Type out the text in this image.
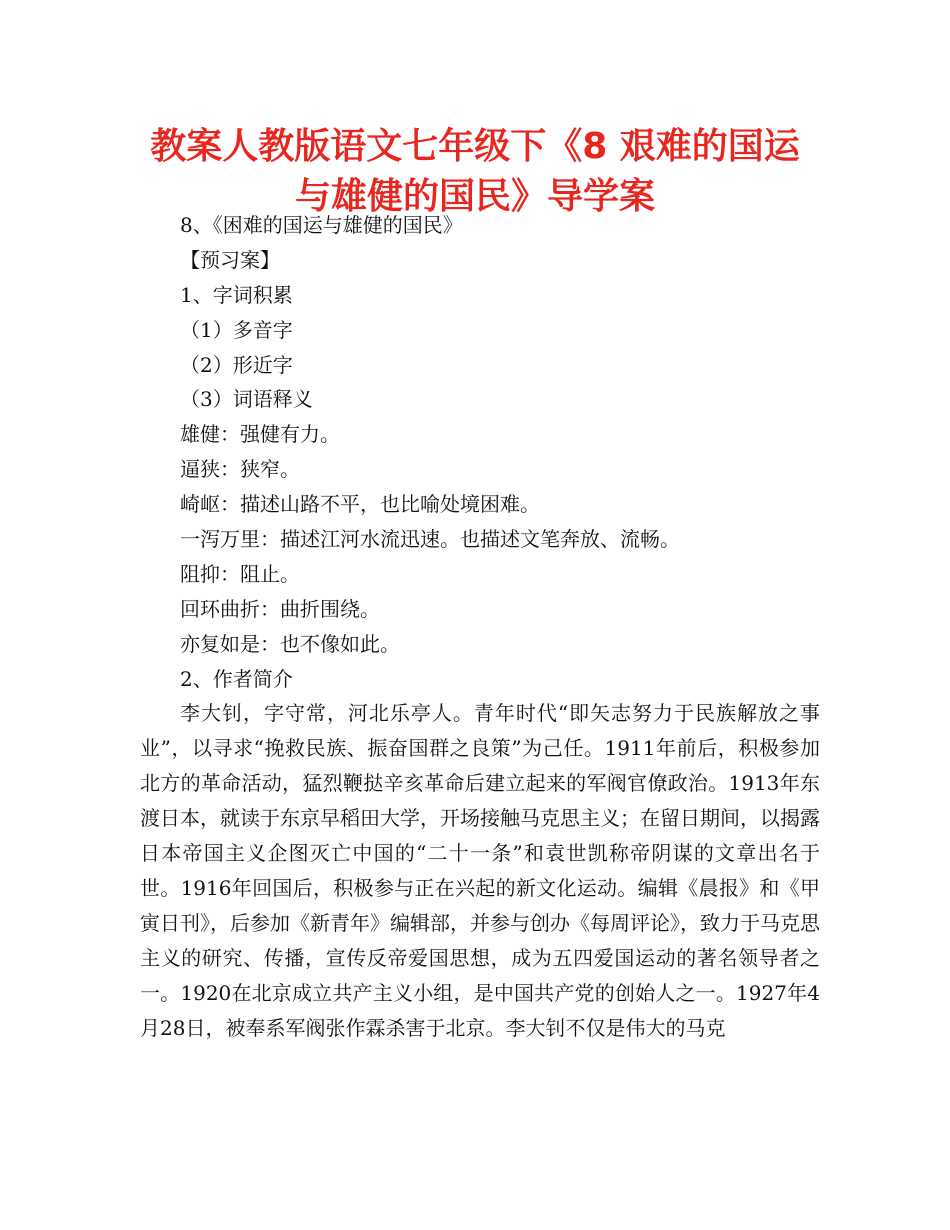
教案人教版语文七年级下《8 艰难的国运
与雄健的国民》导学案
8、《困难的国运与雄健的国民》
【预习案】
1、字词积累
（1）多音字
（2）形近字
（3）词语释义
雄健：强健有力。
逼狭：狭窄。
崎岖：描述山路不平，也比喻处境困难。
一泻万里：描述江河水流迅速。也描述文笔奔放、流畅。
阻抑：阻止。
回环曲折：曲折围绕。
亦复如是：也不像如此。
2、作者简介

李大钊，字守常，河北乐亭人。青年时代“即矢志努力于民族解放之事业”，以寻求“挽救民族、振奋国群之良策”为己任。1911年前后，积极参加北方的革命活动，猛烈鞭挞辛亥革命后建立起来的军阀官僚政治。1913年东渡日本，就读于东京早稻田大学，开场接触马克思主义；在留日期间，以揭露日本帝国主义企图灭亡中国的“二十一条”和袁世凯称帝阴谋的文章出名于世。1916年回国后，积极参与正在兴起的新文化运动。编辑《晨报》和《甲寅日刊》，后参加《新青年》编辑部，并参与创办《每周评论》，致力于马克思主义的研究、传播，宣传反帝爱国思想，成为五四爱国运动的著名领导者之一。1920在北京成立共产主义小组，是中国共产党的创始人之一。1927年4月28日，被奉系军阀张作霖杀害于北京。李大钊不仅是伟大的马克
